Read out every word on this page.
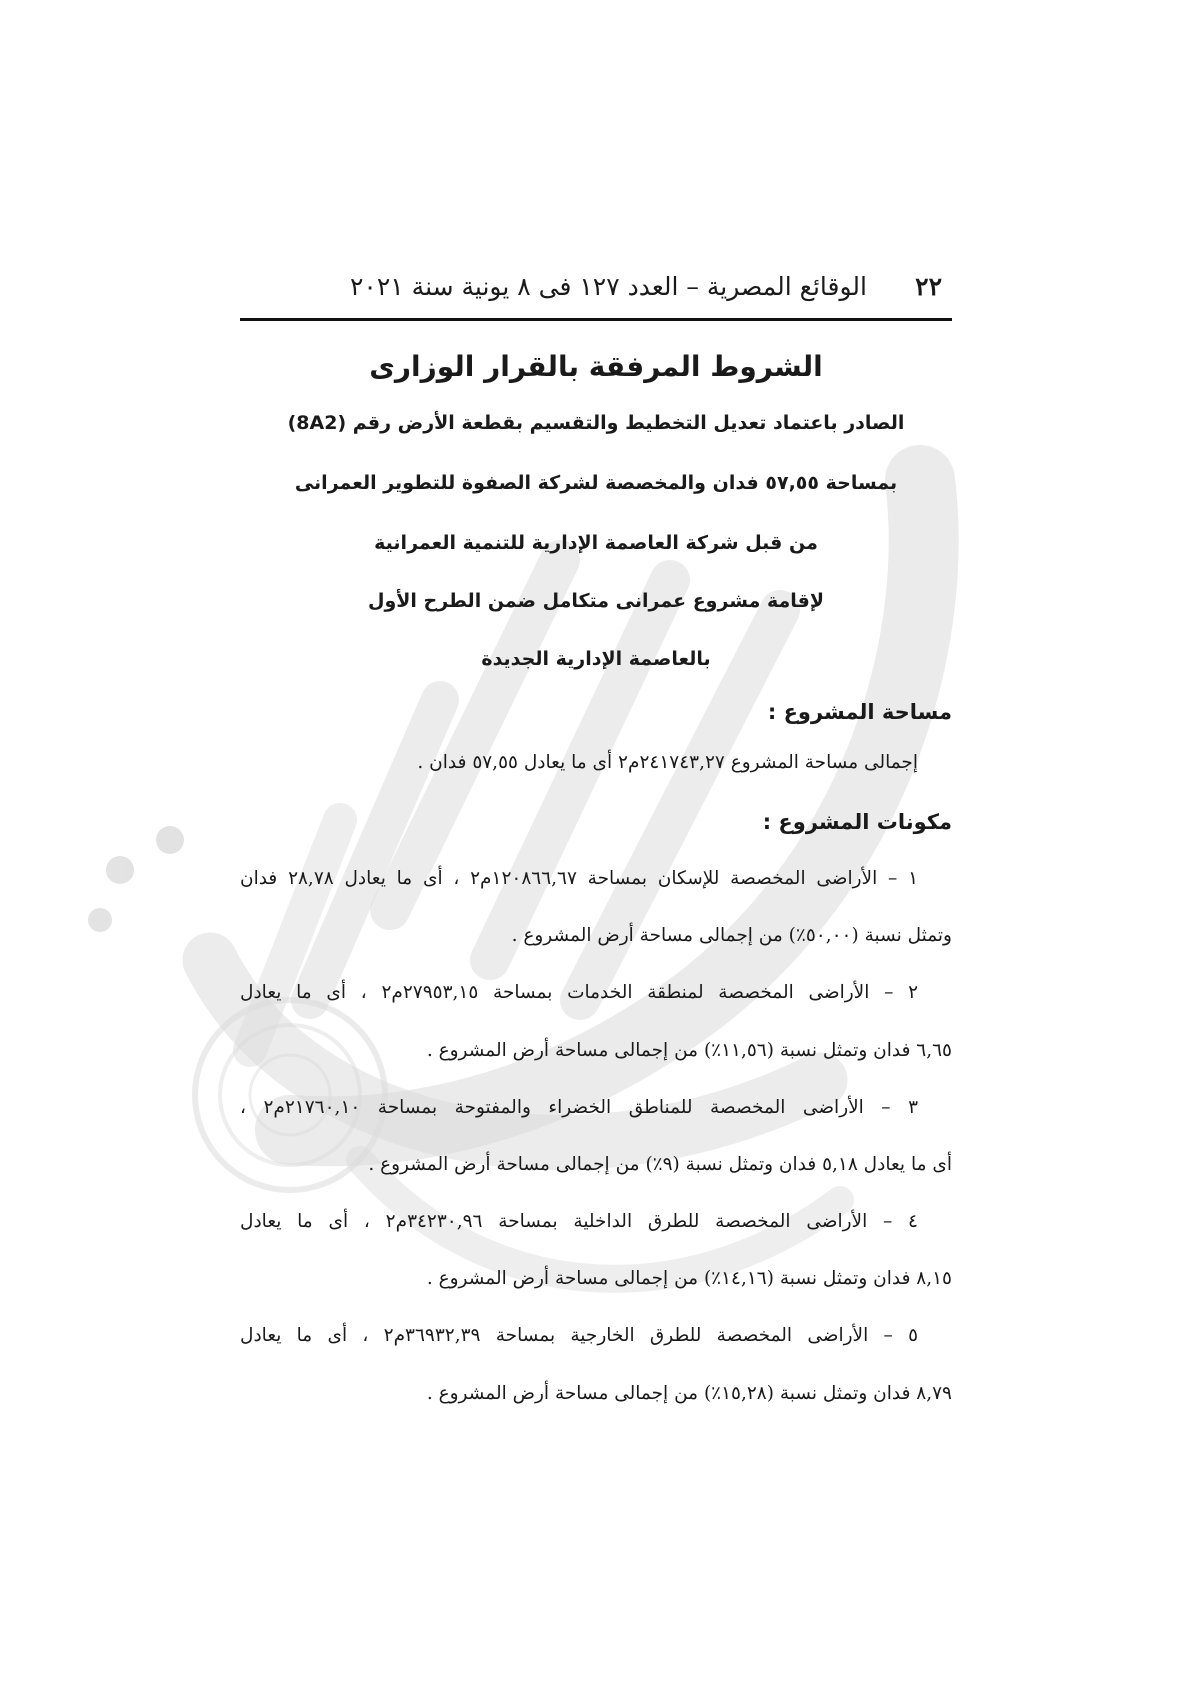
٢٢
الوقائع المصرية – العدد ١٢٧ فى ٨ يونية سنة ٢٠٢١
الشروط المرفقة بالقرار الوزارى
الصادر باعتماد تعديل التخطيط والتقسيم بقطعة الأرض رقم (8A2)
بمساحة ٥٧,٥٥ فدان والمخصصة لشركة الصفوة للتطوير العمرانى
من قبل شركة العاصمة الإدارية للتنمية العمرانية
لإقامة مشروع عمرانى متكامل ضمن الطرح الأول
بالعاصمة الإدارية الجديدة
مساحة المشروع :
إجمالى مساحة المشروع ٢٤١٧٤٣,٢٧م٢ أى ما يعادل ٥٧,٥٥ فدان .
مكونات المشروع :
١ – الأراضى المخصصة للإسكان بمساحة ١٢٠٨٦٦,٦٧م٢ ، أى ما يعادل ٢٨,٧٨ فدان
وتمثل نسبة (٥٠,٠٠٪) من إجمالى مساحة أرض المشروع .
٢ – الأراضى المخصصة لمنطقة الخدمات بمساحة ٢٧٩٥٣,١٥م٢ ، أى ما يعادل
٦,٦٥ فدان وتمثل نسبة (١١,٥٦٪) من إجمالى مساحة أرض المشروع .
٣ – الأراضى المخصصة للمناطق الخضراء والمفتوحة بمساحة ٢١٧٦٠,١٠م٢ ،
أى ما يعادل ٥,١٨ فدان وتمثل نسبة (٩٪) من إجمالى مساحة أرض المشروع .
٤ – الأراضى المخصصة للطرق الداخلية بمساحة ٣٤٢٣٠,٩٦م٢ ، أى ما يعادل
٨,١٥ فدان وتمثل نسبة (١٤,١٦٪) من إجمالى مساحة أرض المشروع .
٥ – الأراضى المخصصة للطرق الخارجية بمساحة ٣٦٩٣٢,٣٩م٢ ، أى ما يعادل
٨,٧٩ فدان وتمثل نسبة (١٥,٢٨٪) من إجمالى مساحة أرض المشروع .
